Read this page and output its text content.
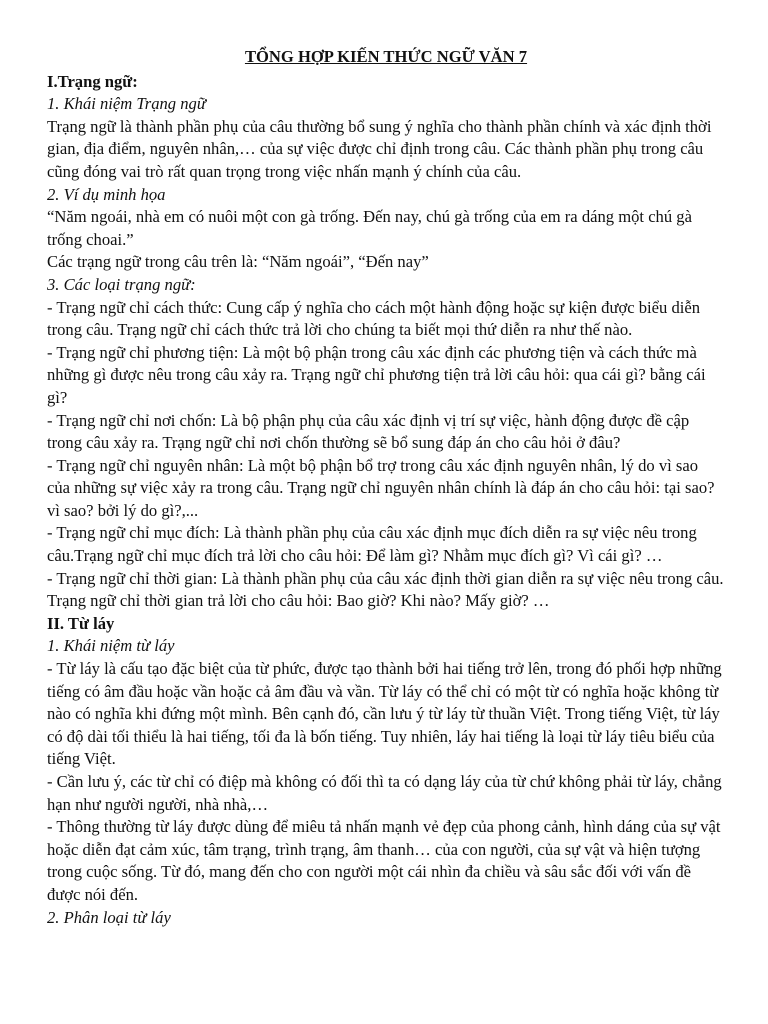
TỔNG HỢP KIẾN THỨC NGỮ VĂN 7

I.Trạng ngữ:

1. Khái niệm Trạng ngữ

Trạng ngữ là thành phần phụ của câu thường bổ sung ý nghĩa cho thành phần chính và xác định thời gian, địa điểm, nguyên nhân,… của sự việc được chỉ định trong câu. Các thành phần phụ trong câu cũng đóng vai trò rất quan trọng trong việc nhấn mạnh ý chính của câu.

2. Ví dụ minh họa

“Năm ngoái, nhà em có nuôi một con gà trống. Đến nay, chú gà trống của em ra dáng một chú gà trống choai.”

Các trạng ngữ trong câu trên là: “Năm ngoái”, “Đến nay”

3. Các loại trạng ngữ:

- Trạng ngữ chỉ cách thức: Cung cấp ý nghĩa cho cách một hành động hoặc sự kiện được biểu diễn trong câu. Trạng ngữ chỉ cách thức trả lời cho chúng ta biết mọi thứ diễn ra như thế nào.

- Trạng ngữ chỉ phương tiện: Là một bộ phận trong câu xác định các phương tiện và cách thức mà những gì được nêu trong câu xảy ra. Trạng ngữ chỉ phương tiện trả lời câu hỏi: qua cái gì? bằng cái gì?

- Trạng ngữ chỉ nơi chốn: Là bộ phận phụ của câu xác định vị trí sự việc, hành động được đề cập trong câu xảy ra. Trạng ngữ chỉ nơi chốn thường sẽ bổ sung đáp án cho câu hỏi ở đâu?

- Trạng ngữ chỉ nguyên nhân: Là một bộ phận bổ trợ trong câu xác định nguyên nhân, lý do vì sao của những sự việc xảy ra trong câu. Trạng ngữ chỉ nguyên nhân chính là đáp án cho câu hỏi: tại sao? vì sao? bởi lý do gì?,...

- Trạng ngữ chỉ mục đích: Là thành phần phụ của câu xác định mục đích diễn ra sự việc nêu trong câu.Trạng ngữ chỉ mục đích trả lời cho câu hỏi: Để làm gì? Nhằm mục đích gì? Vì cái gì? …

- Trạng ngữ chỉ thời gian: Là thành phần phụ của câu xác định thời gian diễn ra sự việc nêu trong câu. Trạng ngữ chỉ thời gian trả lời cho câu hỏi: Bao giờ? Khi nào? Mấy giờ? …

II. Từ láy

1. Khái niệm từ láy

- Từ láy là cấu tạo đặc biệt của từ phức, được tạo thành bởi hai tiếng trở lên, trong đó phối hợp những tiếng có âm đầu hoặc vần hoặc cả âm đầu và vần. Từ láy có thể chỉ có một từ có nghĩa hoặc không từ nào có nghĩa khi đứng một mình. Bên cạnh đó, cần lưu ý từ láy từ thuần Việt. Trong tiếng Việt, từ láy có độ dài tối thiểu là hai tiếng, tối đa là bốn tiếng. Tuy nhiên, láy hai tiếng là loại từ láy tiêu biểu của tiếng Việt.

- Cần lưu ý, các từ chỉ có điệp mà không có đối thì ta có dạng láy của từ chứ không phải từ láy, chẳng hạn như người người, nhà nhà,…

- Thông thường từ láy được dùng để miêu tả nhấn mạnh vẻ đẹp của phong cảnh, hình dáng của sự vật hoặc diễn đạt cảm xúc, tâm trạng, trình trạng, âm thanh… của con người, của sự vật và hiện tượng trong cuộc sống. Từ đó, mang đến cho con người một cái nhìn đa chiều và sâu sắc đối với vấn đề được nói đến.

2. Phân loại từ láy
